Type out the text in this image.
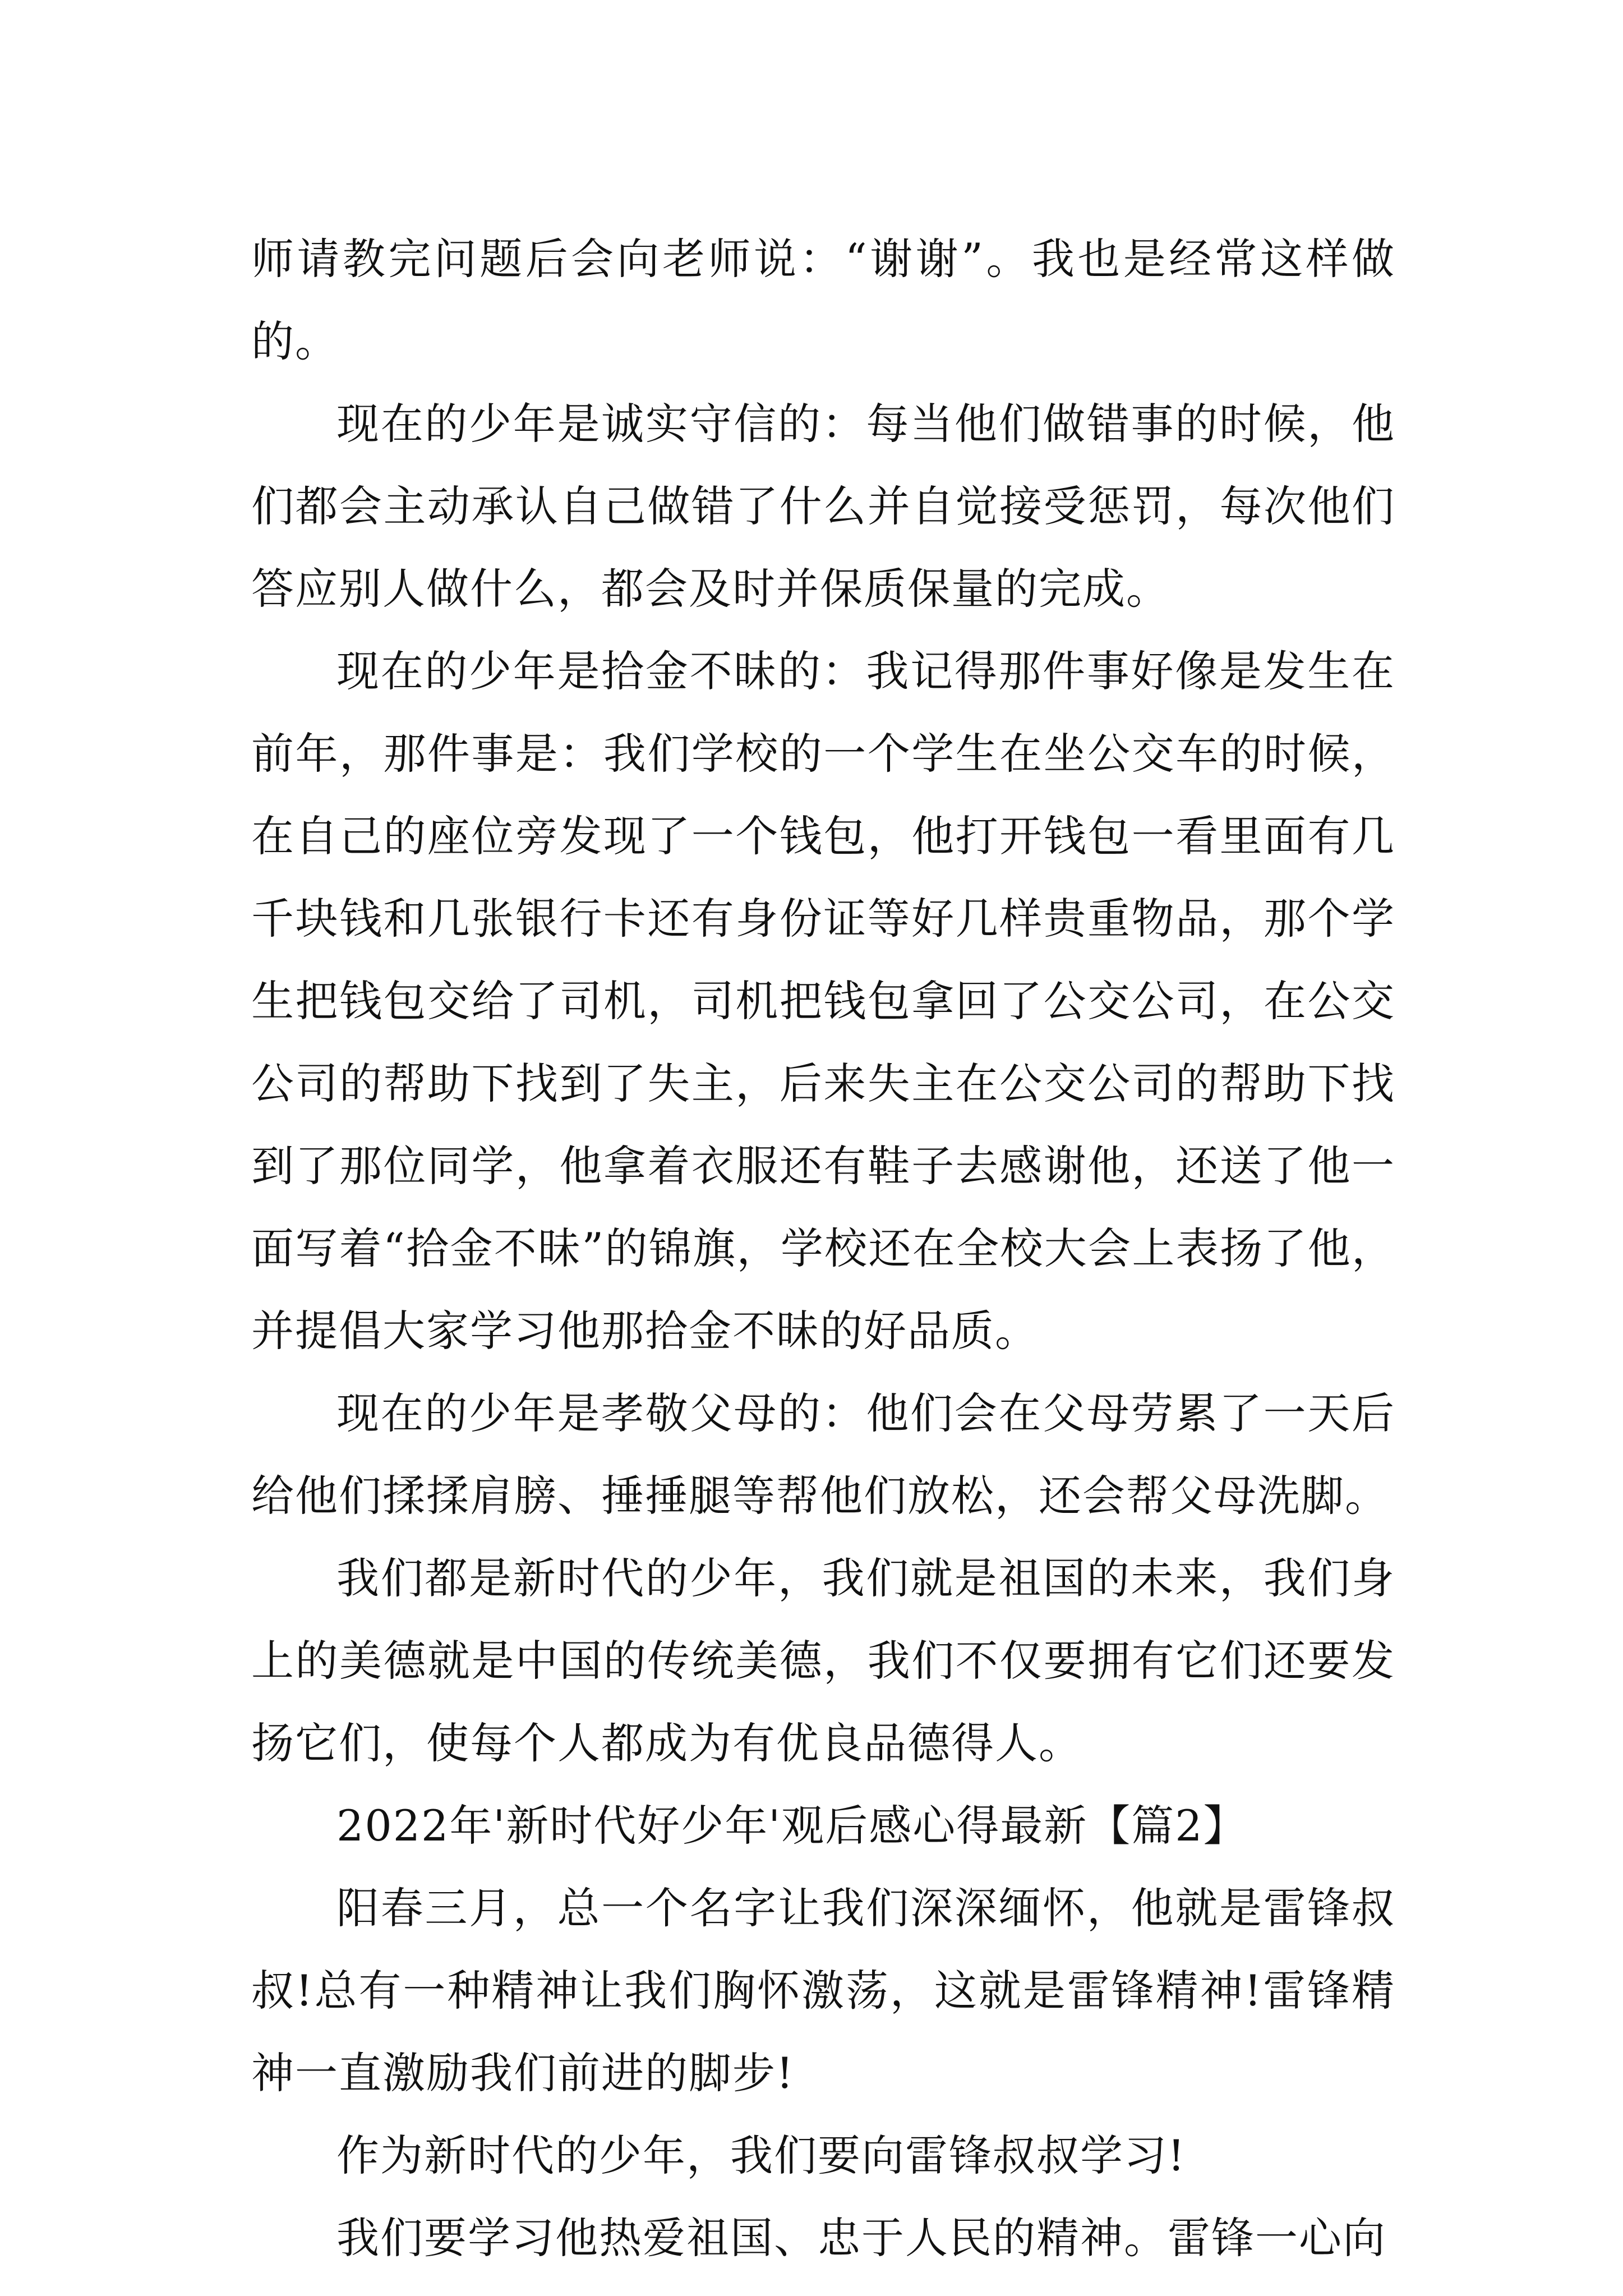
师请教完问题后会向老师说：“谢谢”。我也是经常这样做的。

现在的少年是诚实守信的：每当他们做错事的时候，他们都会主动承认自己做错了什么并自觉接受惩罚，每次他们答应别人做什么，都会及时并保质保量的完成。

现在的少年是拾金不昧的：我记得那件事好像是发生在前年，那件事是：我们学校的一个学生在坐公交车的时候，在自己的座位旁发现了一个钱包，他打开钱包一看里面有几千块钱和几张银行卡还有身份证等好几样贵重物品，那个学生把钱包交给了司机，司机把钱包拿回了公交公司，在公交公司的帮助下找到了失主，后来失主在公交公司的帮助下找到了那位同学，他拿着衣服还有鞋子去感谢他，还送了他一面写着“拾金不昧”的锦旗，学校还在全校大会上表扬了他，并提倡大家学习他那拾金不昧的好品质。

现在的少年是孝敬父母的：他们会在父母劳累了一天后给他们揉揉肩膀、捶捶腿等帮他们放松，还会帮父母洗脚。

我们都是新时代的少年，我们就是祖国的未来，我们身上的美德就是中国的传统美德，我们不仅要拥有它们还要发扬它们，使每个人都成为有优良品德得人。

2022年'新时代好少年'观后感心得最新【篇2】

阳春三月，总一个名字让我们深深缅怀，他就是雷锋叔叔!总有一种精神让我们胸怀激荡，这就是雷锋精神!雷锋精神一直激励我们前进的脚步!

作为新时代的少年，我们要向雷锋叔叔学习!

我们要学习他热爱祖国、忠于人民的精神。雷锋一心向
